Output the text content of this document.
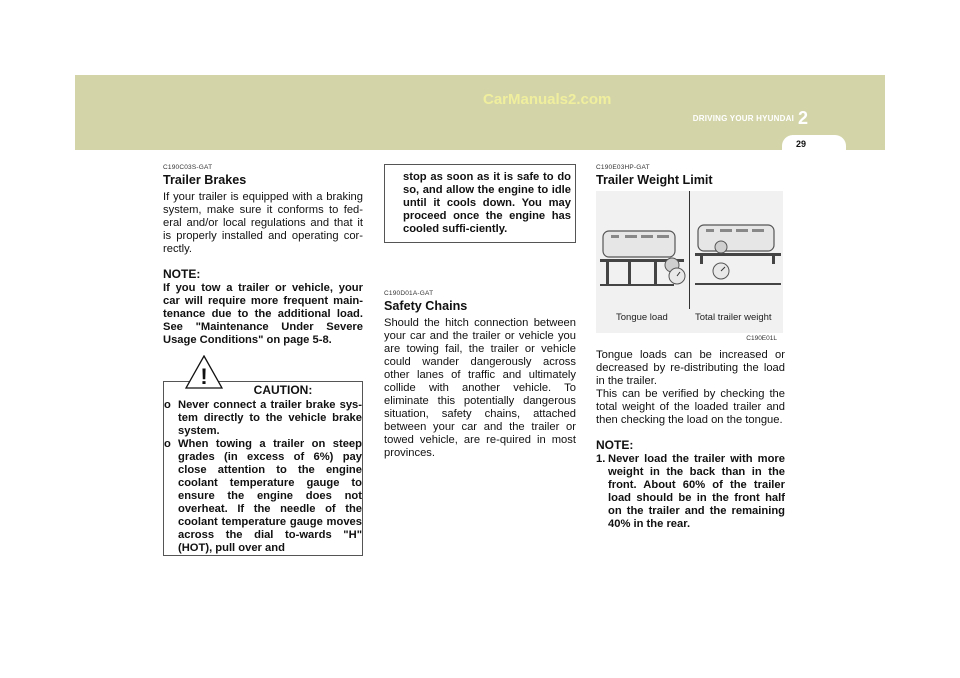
CarManuals2.com
DRIVING YOUR HYUNDAI 2
29
C190C03S-GAT
Trailer Brakes
If your trailer is equipped with a braking system, make sure it conforms to fed-eral and/or local regulations and that it is properly installed and operating cor-rectly.
NOTE:
If you tow a trailer or vehicle, your car will require more frequent main-tenance due to the additional load. See "Maintenance Under Severe Usage Conditions" on page 5-8.
!
CAUTION:
o Never connect a trailer brake sys-tem directly to the vehicle brake system.
o When towing a trailer on steep grades (in excess of 6%) pay close attention to the engine coolant temperature gauge to ensure the engine does not overheat. If the needle of the coolant temperature gauge moves across the dial to-wards "H" (HOT), pull over and
stop as soon as it is safe to do so, and allow the engine to idle until it cools down. You may proceed once the engine has cooled suffi-ciently.
C190D01A-GAT
Safety Chains
Should the hitch connection between your car and the trailer or vehicle you are towing fail, the trailer or vehicle could wander dangerously across other lanes of traffic and ultimately collide with another vehicle. To eliminate this potentially dangerous situation, safety chains, attached between your car and the trailer or towed vehicle, are re-quired in most provinces.
C190E03HP-GAT
Trailer Weight Limit
Tongue load	Total trailer weight
C190E01L
Tongue loads can be increased or decreased by re-distributing the load in the trailer.
This can be verified by checking the total weight of the loaded trailer and then checking the load on the tongue.
NOTE:
1. Never load the trailer with more weight in the back than in the front. About 60% of the trailer load should be in the front half on the trailer and the remaining 40% in the rear.
